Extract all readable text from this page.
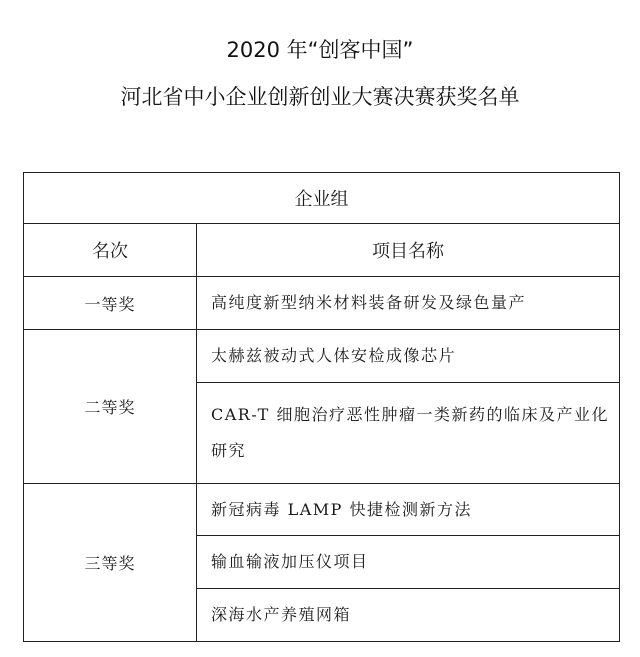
2020 年“创客中国”
河北省中小企业创新创业大赛决赛获奖名单
企业组	
名次	项目名称
一等奖	高纯度新型纳米材料装备研发及绿色量产
二等奖	太赫兹被动式人体安检成像芯片
	CAR-T 细胞治疗恶性肿瘤一类新药的临床及产业化研究
三等奖	新冠病毒 LAMP 快捷检测新方法
	输血输液加压仪项目
	深海水产养殖网箱
